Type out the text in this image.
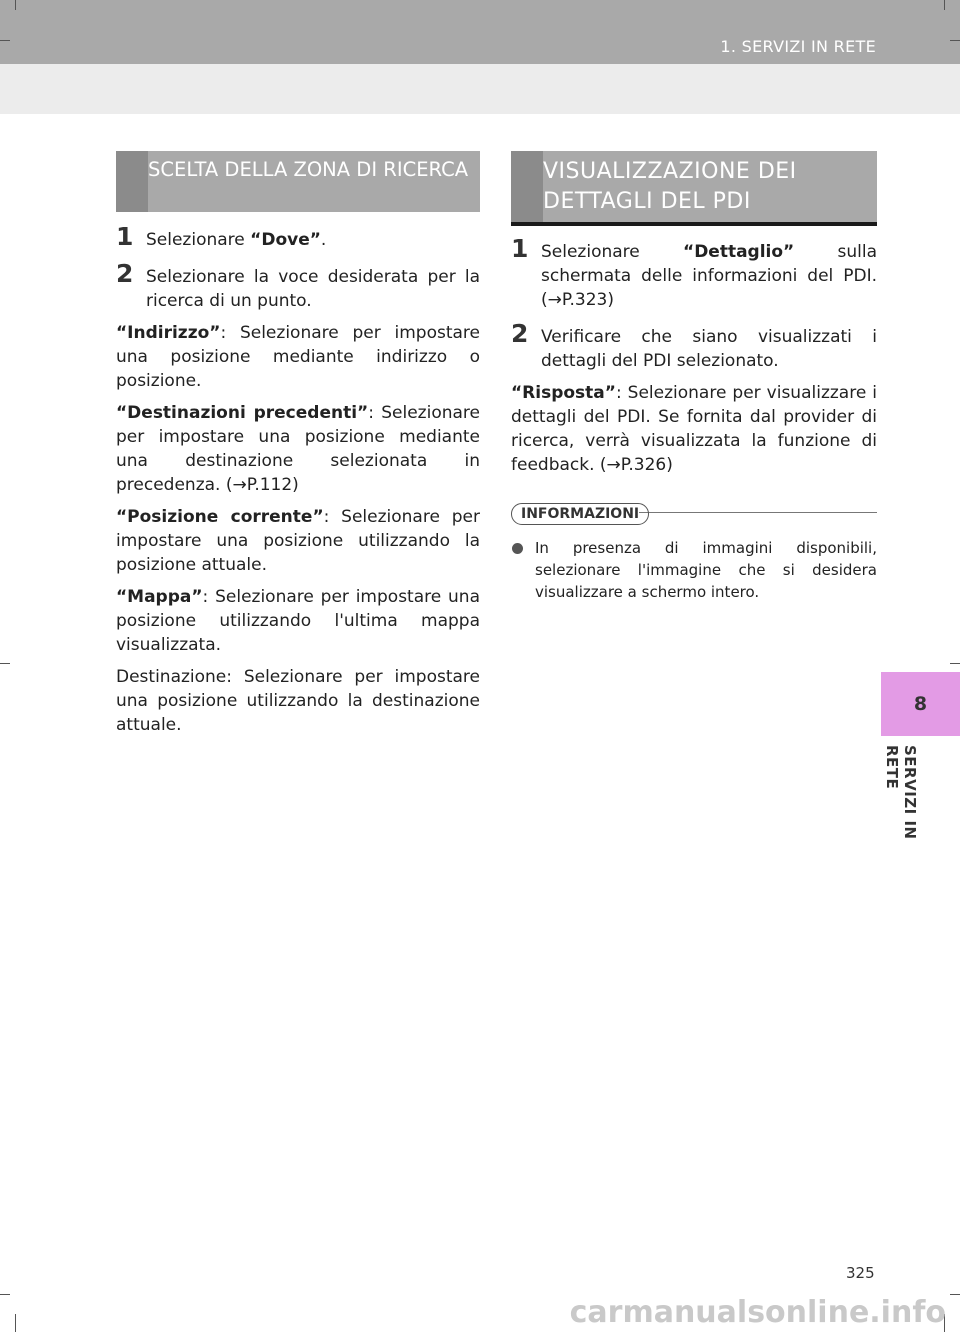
1. SERVIZI IN RETE
SCELTA DELLA ZONA DI RICERCA
1 Selezionare “Dove”.
2 Selezionare la voce desiderata per la ricerca di un punto.
“Indirizzo”: Selezionare per impostare una posizione mediante indirizzo o posizione.
“Destinazioni precedenti”: Selezionare per impostare una posizione mediante una destinazione selezionata in precedenza. (→P.112)
“Posizione corrente”: Selezionare per impostare una posizione utilizzando la posizione attuale.
“Mappa”: Selezionare per impostare una posizione utilizzando l'ultima mappa visualizzata.
Destinazione: Selezionare per impostare una posizione utilizzando la destinazione attuale.
VISUALIZZAZIONE DEI DETTAGLI DEL PDI
1 Selezionare “Dettaglio” sulla schermata delle informazioni del PDI. (→P.323)
2 Verificare che siano visualizzati i dettagli del PDI selezionato.
“Risposta”: Selezionare per visualizzare i dettagli del PDI. Se fornita dal provider di ricerca, verrà visualizzata la funzione di feedback. (→P.326)
INFORMAZIONI
In presenza di immagini disponibili, selezionare l'immagine che si desidera visualizzare a schermo intero.
8
SERVIZI IN RETE
325
carmanualsonline.info
